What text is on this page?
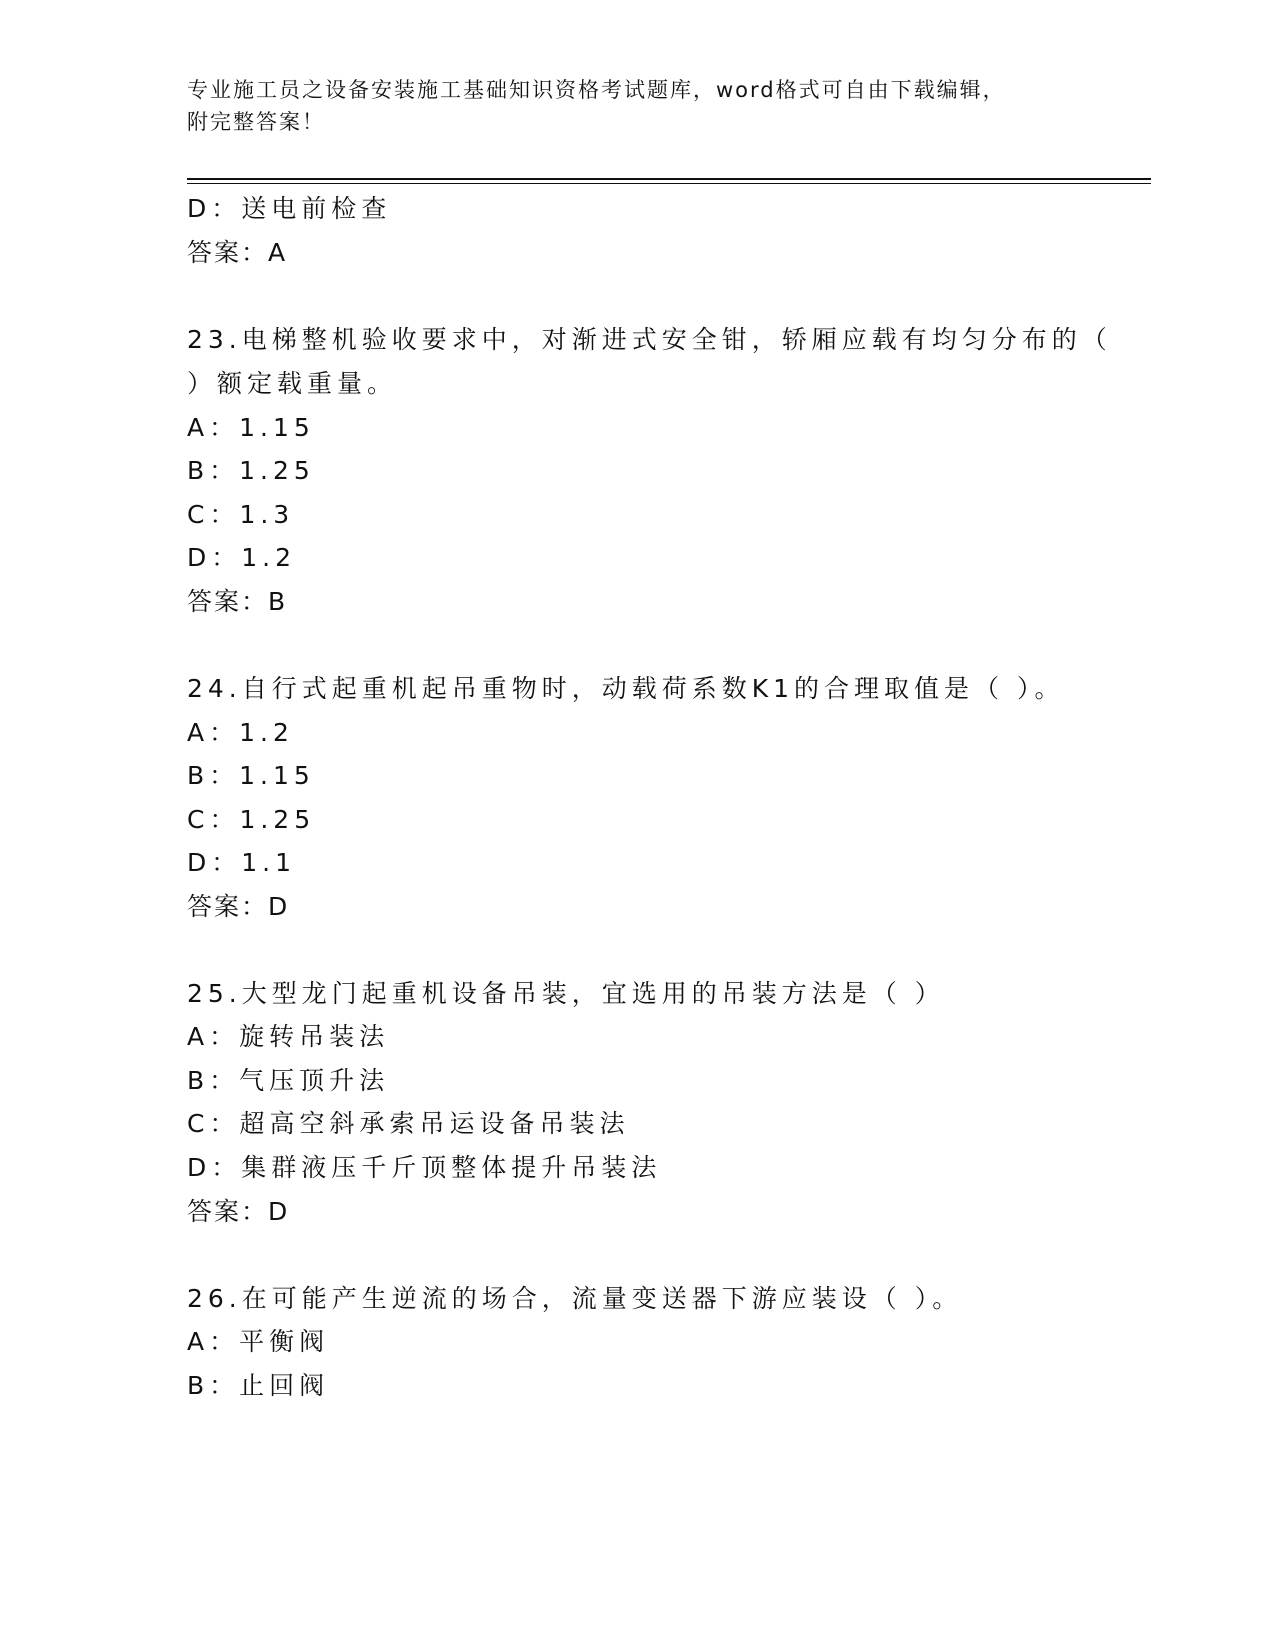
专业施工员之设备安装施工基础知识资格考试题库，word格式可自由下载编辑，
附完整答案！
D：送电前检查
答案：A
23.电梯整机验收要求中，对渐进式安全钳，轿厢应载有均匀分布的（
）额定载重量。
A：1.15
B：1.25
C：1.3
D：1.2
答案：B
24.自行式起重机起吊重物时，动载荷系数K1的合理取值是（ ）。
A：1.2
B：1.15
C：1.25
D：1.1
答案：D
25.大型龙门起重机设备吊装，宜选用的吊装方法是（ ）
A：旋转吊装法
B：气压顶升法
C：超高空斜承索吊运设备吊装法
D：集群液压千斤顶整体提升吊装法
答案：D
26.在可能产生逆流的场合，流量变送器下游应装设（ ）。
A：平衡阀
B：止回阀
